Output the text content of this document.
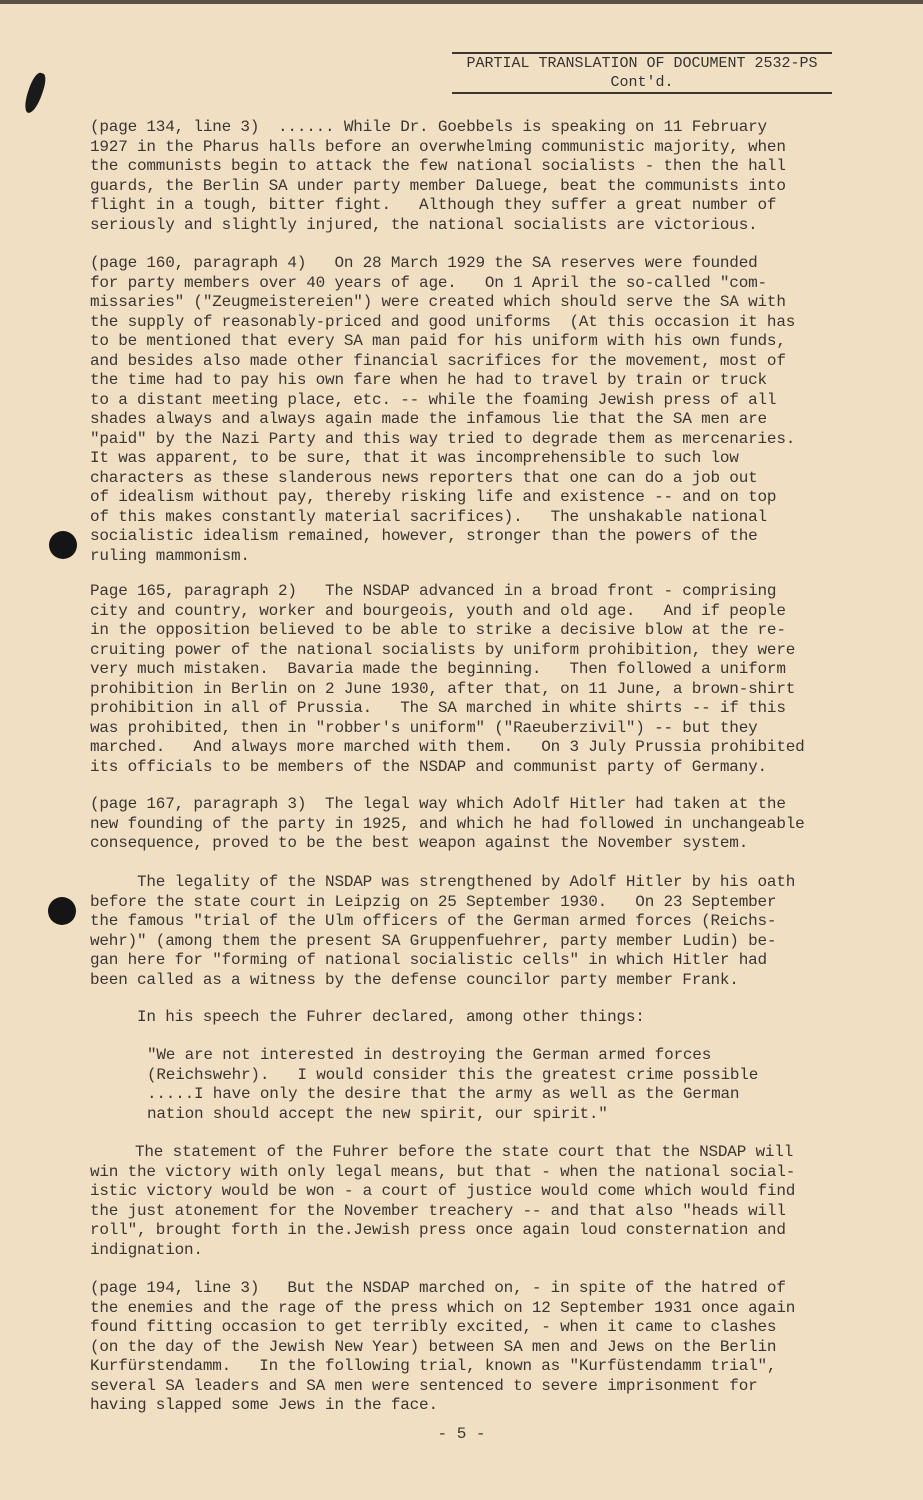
PARTIAL TRANSLATION OF DOCUMENT 2532-PS
Cont'd.
(page 134, line 3)  ...... While Dr. Goebbels is speaking on 11 February
1927 in the Pharus halls before an overwhelming communistic majority, when
the communists begin to attack the few national socialists - then the hall
guards, the Berlin SA under party member Daluege, beat the communists into
flight in a tough, bitter fight.   Although they suffer a great number of
seriously and slightly injured, the national socialists are victorious.
(page 160, paragraph 4)   On 28 March 1929 the SA reserves were founded
for party members over 40 years of age.   On 1 April the so-called "com-
missaries" ("Zeugmeistereien") were created which should serve the SA with
the supply of reasonably-priced and good uniforms  (At this occasion it has
to be mentioned that every SA man paid for his uniform with his own funds,
and besides also made other financial sacrifices for the movement, most of
the time had to pay his own fare when he had to travel by train or truck
to a distant meeting place, etc. -- while the foaming Jewish press of all
shades always and always again made the infamous lie that the SA men are
"paid" by the Nazi Party and this way tried to degrade them as mercenaries.
It was apparent, to be sure, that it was incomprehensible to such low
characters as these slanderous news reporters that one can do a job out
of idealism without pay, thereby risking life and existence -- and on top
of this makes constantly material sacrifices).   The unshakable national
socialistic idealism remained, however, stronger than the powers of the
ruling mammonism.
Page 165, paragraph 2)   The NSDAP advanced in a broad front - comprising
city and country, worker and bourgeois, youth and old age.   And if people
in the opposition believed to be able to strike a decisive blow at the re-
cruiting power of the national socialists by uniform prohibition, they were
very much mistaken.  Bavaria made the beginning.   Then followed a uniform
prohibition in Berlin on 2 June 1930, after that, on 11 June, a brown-shirt
prohibition in all of Prussia.   The SA marched in white shirts -- if this
was prohibited, then in "robber's uniform" ("Raeuberzivil") -- but they
marched.   And always more marched with them.   On 3 July Prussia prohibited
its officials to be members of the NSDAP and communist party of Germany.
(page 167, paragraph 3)  The legal way which Adolf Hitler had taken at the
new founding of the party in 1925, and which he had followed in unchangeable
consequence, proved to be the best weapon against the November system.
The legality of the NSDAP was strengthened by Adolf Hitler by his oath
before the state court in Leipzig on 25 September 1930.   On 23 September
the famous "trial of the Ulm officers of the German armed forces (Reichs-
wehr)" (among them the present SA Gruppenfuehrer, party member Ludin) be-
gan here for "forming of national socialistic cells" in which Hitler had
been called as a witness by the defense councilor party member Frank.
In his speech the Fuhrer declared, among other things:
"We are not interested in destroying the German armed forces
(Reichswehr).   I would consider this the greatest crime possible
.....I have only the desire that the army as well as the German
nation should accept the new spirit, our spirit."
The statement of the Fuhrer before the state court that the NSDAP will
win the victory with only legal means, but that - when the national social-
istic victory would be won - a court of justice would come which would find
the just atonement for the November treachery -- and that also "heads will
roll", brought forth in the.Jewish press once again loud consternation and
indignation.
(page 194, line 3)   But the NSDAP marched on, - in spite of the hatred of
the enemies and the rage of the press which on 12 September 1931 once again
found fitting occasion to get terribly excited, - when it came to clashes
(on the day of the Jewish New Year) between SA men and Jews on the Berlin
Kurfürstendamm.   In the following trial, known as "Kurfüstendamm trial",
several SA leaders and SA men were sentenced to severe imprisonment for
having slapped some Jews in the face.
- 5 -
